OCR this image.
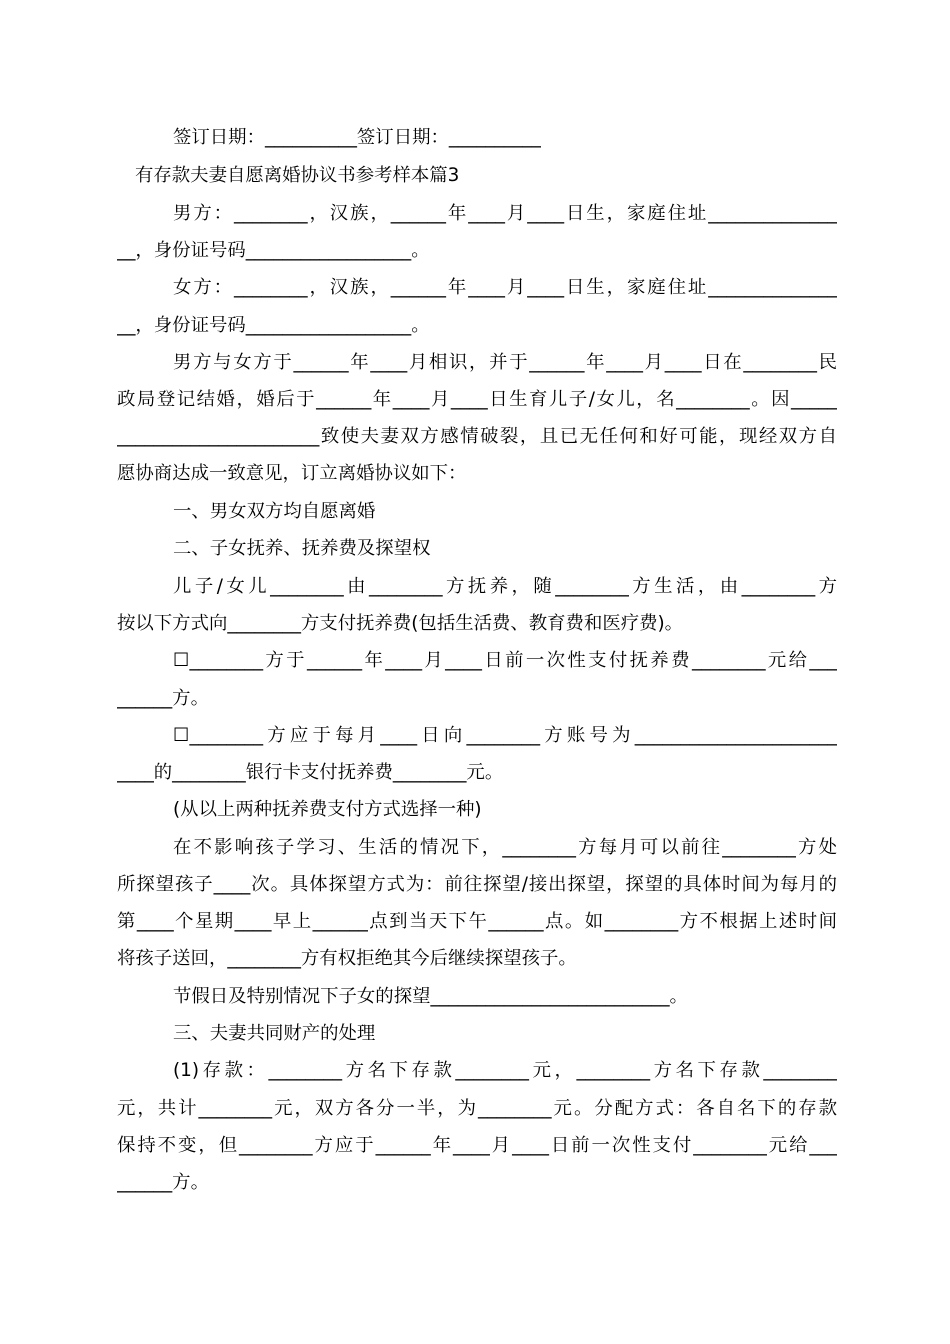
签订日期：__________签订日期：__________
有存款夫妻自愿离婚协议书参考样本篇3
男方：________，汉族，______年____月____日生，家庭住址______________
__，身份证号码__________________。
女方：________，汉族，______年____月____日生，家庭住址______________
__，身份证号码__________________。
男方与女方于______年____月相识，并于______年____月____日在________民
政局登记结婚，婚后于______年____月____日生育儿子/女儿，名________。因_____
______________________致使夫妻双方感情破裂，且已无任何和好可能，现经双方自
愿协商达成一致意见，订立离婚协议如下：
一、男女双方均自愿离婚
二、子女抚养、抚养费及探望权
儿子/女儿________由________方抚养，随________方生活，由________方
按以下方式向________方支付抚养费(包括生活费、教育费和医疗费)。
☐________方于______年____月____日前一次性支付抚养费________元给___
______方。
☐________方应于每月____日向________方账号为______________________
____的________银行卡支付抚养费________元。
(从以上两种抚养费支付方式选择一种)
在不影响孩子学习、生活的情况下，________方每月可以前往________方处
所探望孩子____次。具体探望方式为：前往探望/接出探望，探望的具体时间为每月的
第____个星期____早上______点到当天下午______点。如________方不根据上述时间
将孩子送回，________方有权拒绝其今后继续探望孩子。
节假日及特别情况下子女的探望__________________________。
三、夫妻共同财产的处理
(1)存款：________方名下存款________元，________方名下存款________
元，共计________元，双方各分一半，为________元。分配方式：各自名下的存款
保持不变，但________方应于______年____月____日前一次性支付________元给___
______方。
